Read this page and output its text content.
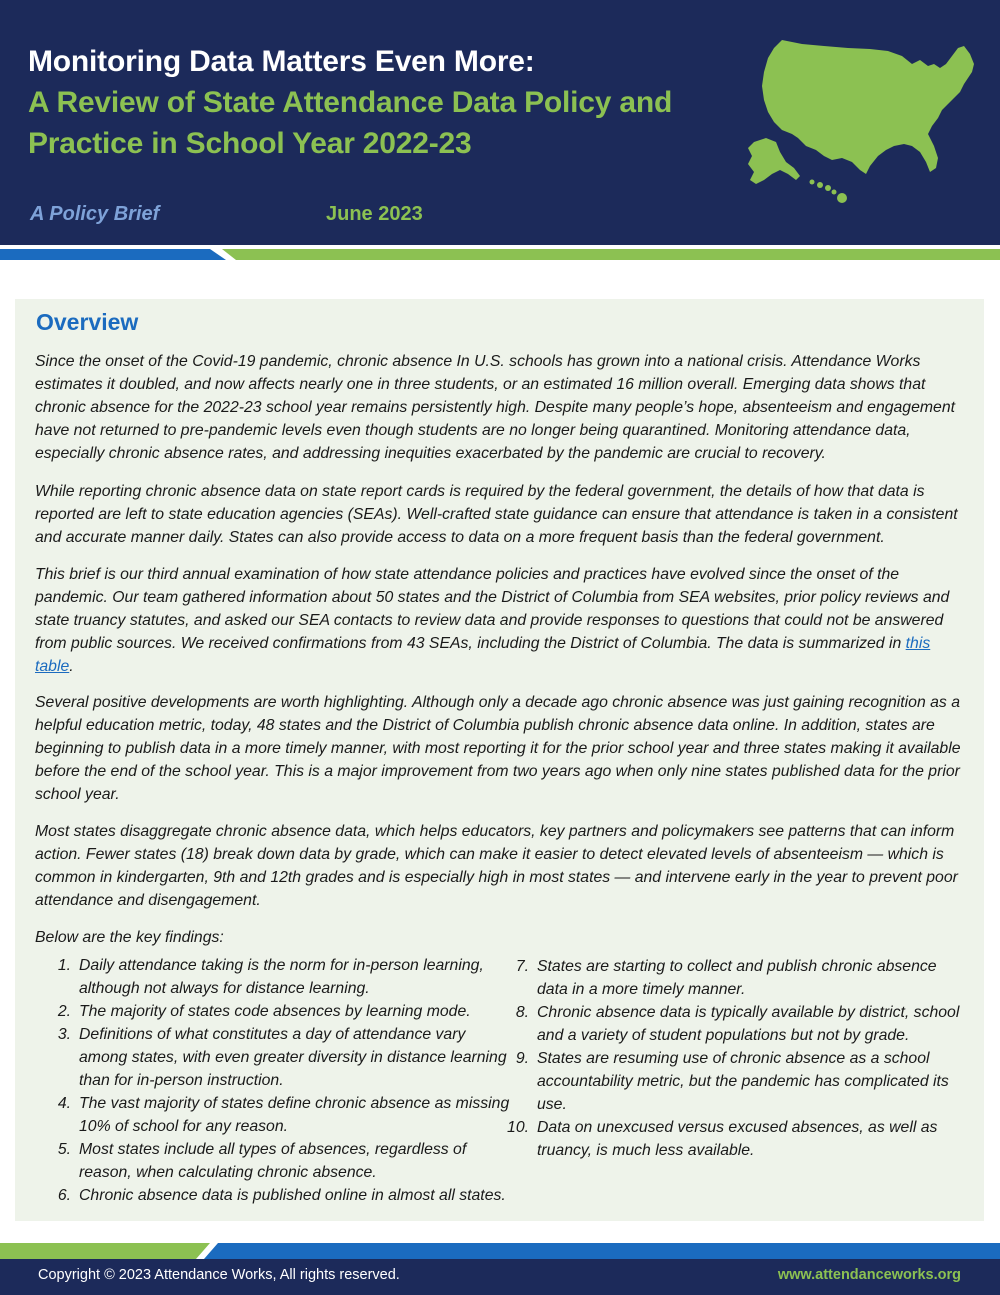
Monitoring Data Matters Even More:
A Review of State Attendance Data Policy and
Practice in School Year 2022-23
A Policy Brief	June 2023
Overview

Since the onset of the Covid-19 pandemic, chronic absence In U.S. schools has grown into a national crisis. Attendance Works estimates it doubled, and now affects nearly one in three students, or an estimated 16 million overall. Emerging data shows that chronic absence for the 2022-23 school year remains persistently high. Despite many people’s hope, absenteeism and engagement have not returned to pre-pandemic levels even though students are no longer being quarantined. Monitoring attendance data, especially chronic absence rates, and addressing inequities exacerbated by the pandemic are crucial to recovery.

While reporting chronic absence data on state report cards is required by the federal government, the details of how that data is reported are left to state education agencies (SEAs). Well-crafted state guidance can ensure that attendance is taken in a consistent and accurate manner daily. States can also provide access to data on a more frequent basis than the federal government.

This brief is our third annual examination of how state attendance policies and practices have evolved since the onset of the pandemic. Our team gathered information about 50 states and the District of Columbia from SEA websites, prior policy reviews and state truancy statutes, and asked our SEA contacts to review data and provide responses to questions that could not be answered from public sources. We received confirmations from 43 SEAs, including the District of Columbia. The data is summarized in this table.

Several positive developments are worth highlighting. Although only a decade ago chronic absence was just gaining recognition as a helpful education metric, today, 48 states and the District of Columbia publish chronic absence data online. In addition, states are beginning to publish data in a more timely manner, with most reporting it for the prior school year and three states making it available before the end of the school year. This is a major improvement from two years ago when only nine states published data for the prior school year.

Most states disaggregate chronic absence data, which helps educators, key partners and policymakers see patterns that can inform action. Fewer states (18) break down data by grade, which can make it easier to detect elevated levels of absenteeism — which is common in kindergarten, 9th and 12th grades and is especially high in most states — and intervene early in the year to prevent poor attendance and disengagement.

Below are the key findings:

1. Daily attendance taking is the norm for in-person learning, although not always for distance learning.
2. The majority of states code absences by learning mode.
3. Definitions of what constitutes a day of attendance vary among states, with even greater diversity in distance learning than for in-person instruction.
4. The vast majority of states define chronic absence as missing 10% of school for any reason.
5. Most states include all types of absences, regardless of reason, when calculating chronic absence.
6. Chronic absence data is published online in almost all states.
7. States are starting to collect and publish chronic absence data in a more timely manner.
8. Chronic absence data is typically available by district, school and a variety of student populations but not by grade.
9. States are resuming use of chronic absence as a school accountability metric, but the pandemic has complicated its use.
10. Data on unexcused versus excused absences, as well as truancy, is much less available.
Copyright © 2023 Attendance Works, All rights reserved.	www.attendanceworks.org
